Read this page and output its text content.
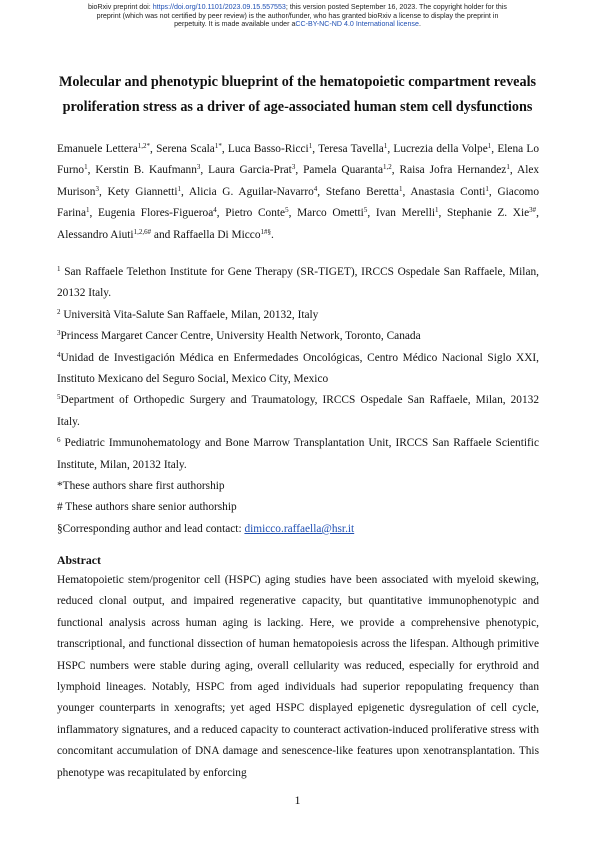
bioRxiv preprint doi: https://doi.org/10.1101/2023.09.15.557553; this version posted September 16, 2023. The copyright holder for this
preprint (which was not certified by peer review) is the author/funder, who has granted bioRxiv a license to display the preprint in
perpetuity. It is made available under aCC-BY-NC-ND 4.0 International license.
Molecular and phenotypic blueprint of the hematopoietic compartment reveals
proliferation stress as a driver of age-associated human stem cell dysfunctions
Emanuele Lettera$^{1,2*}$, Serena Scala$^{1*}$, Luca Basso-Ricci$^1$, Teresa Tavella$^1$, Lucrezia della Volpe$^1$, Elena Lo Furno$^1$, Kerstin B. Kaufmann$^3$, Laura Garcia-Prat$^3$, Pamela Quaranta$^{1,2}$, Raisa Jofra Hernandez$^1$, Alex Murison$^3$, Kety Giannetti$^1$, Alicia G. Aguilar-Navarro$^4$, Stefano Beretta$^1$, Anastasia Conti$^1$, Giacomo Farina$^1$, Eugenia Flores-Figueroa$^4$, Pietro Conte$^5$, Marco Ometti$^5$, Ivan Merelli$^1$, Stephanie Z. Xie$^{3\#}$, Alessandro Aiuti$^{1,2,6\#}$ and Raffaella Di Micco$^{1\#\S}$.

$^1$ San Raffaele Telethon Institute for Gene Therapy (SR-TIGET), IRCCS Ospedale San Raffaele, Milan, 20132 Italy.

$^2$ Università Vita-Salute San Raffaele, Milan, 20132, Italy

$^3$Princess Margaret Cancer Centre, University Health Network, Toronto, Canada

$^4$Unidad de Investigación Médica en Enfermedades Oncológicas, Centro Médico Nacional Siglo XXI, Instituto Mexicano del Seguro Social, Mexico City, Mexico

$^5$Department of Orthopedic Surgery and Traumatology, IRCCS Ospedale San Raffaele, Milan, 20132 Italy.

$^6$ Pediatric Immunohematology and Bone Marrow Transplantation Unit, IRCCS San Raffaele Scientific Institute, Milan, 20132 Italy.

*These authors share first authorship

# These authors share senior authorship

§Corresponding author and lead contact: dimicco.raffaella@hsr.it

Abstract
Hematopoietic stem/progenitor cell (HSPC) aging studies have been associated with myeloid skewing, reduced clonal output, and impaired regenerative capacity, but quantitative immunophenotypic and functional analysis across human aging is lacking. Here, we provide a comprehensive phenotypic, transcriptional, and functional dissection of human hematopoiesis across the lifespan. Although primitive HSPC numbers were stable during aging, overall cellularity was reduced, especially for erythroid and lymphoid lineages. Notably, HSPC from aged individuals had superior repopulating frequency than younger counterparts in xenografts; yet aged HSPC displayed epigenetic dysregulation of cell cycle, inflammatory signatures, and a reduced capacity to counteract activation-induced proliferative stress with concomitant accumulation of DNA damage and senescence-like features upon xenotransplantation. This phenotype was recapitulated by enforcing
1
